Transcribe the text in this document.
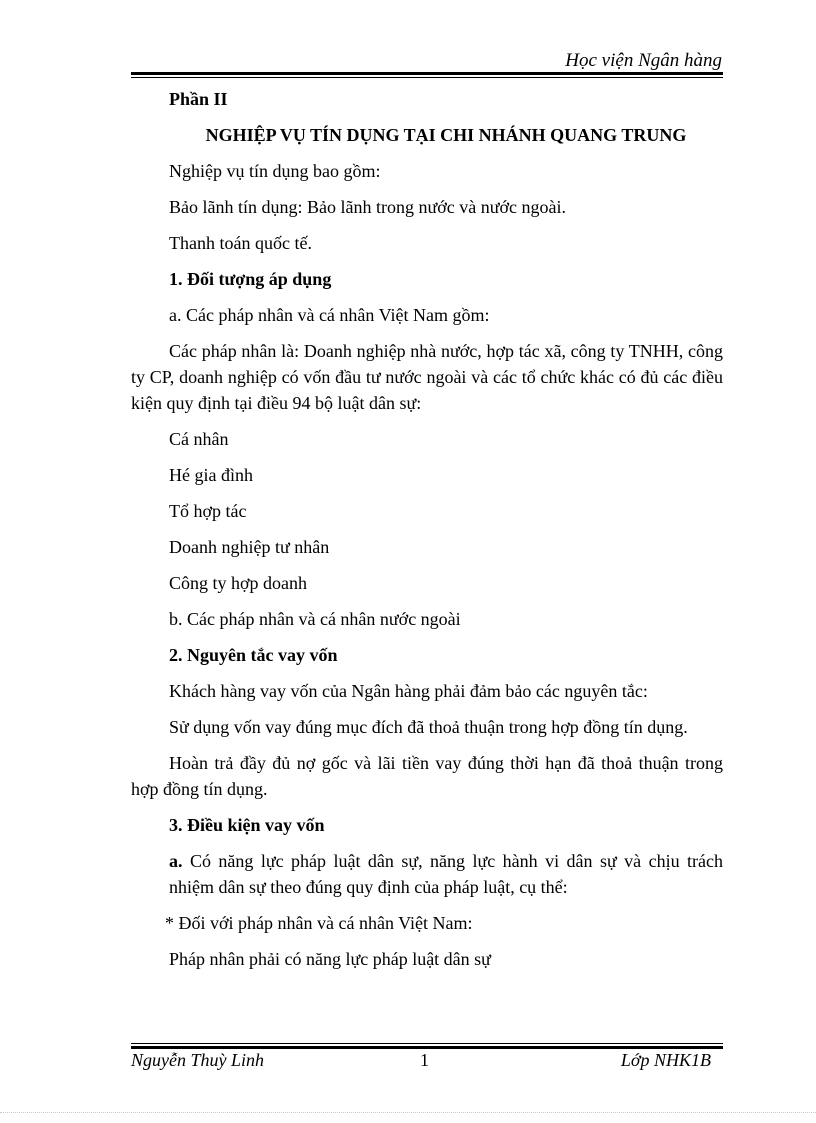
Học viện Ngân hàng

Phần II

NGHIỆP VỤ TÍN DỤNG TẠI CHI NHÁNH QUANG TRUNG

Nghiệp vụ tín dụng bao gồm:

Bảo lãnh tín dụng: Bảo lãnh trong nước và nước ngoài.

Thanh toán quốc tế.

1. Đối tượng áp dụng

a. Các pháp nhân và cá nhân Việt Nam gồm:

Các pháp nhân là: Doanh nghiệp nhà nước, hợp tác xã, công ty TNHH, công ty CP, doanh nghiệp có vốn đầu tư nước ngoài và các tổ chức khác có đủ các điều kiện quy định tại điều 94 bộ luật dân sự:

Cá nhân

Hé gia đình

Tổ hợp tác

Doanh nghiệp tư nhân

Công ty hợp doanh

b. Các pháp nhân và cá nhân nước ngoài

2. Nguyên tắc vay vốn

Khách hàng vay vốn của Ngân hàng phải đảm bảo các nguyên tắc:

Sử dụng vốn vay đúng mục đích đã thoả thuận trong hợp đồng tín dụng.

Hoàn trả đầy đủ nợ gốc và lãi tiền vay đúng thời hạn đã thoả thuận trong hợp đồng tín dụng.

3. Điều kiện vay vốn

a. Có năng lực pháp luật dân sự, năng lực hành vi dân sự và chịu trách nhiệm dân sự theo đúng quy định của pháp luật, cụ thể:

* Đối với pháp nhân và cá nhân Việt Nam:

Pháp nhân phải có năng lực pháp luật dân sự

Nguyễn Thuỳ Linh	1	Lớp NHK1B
